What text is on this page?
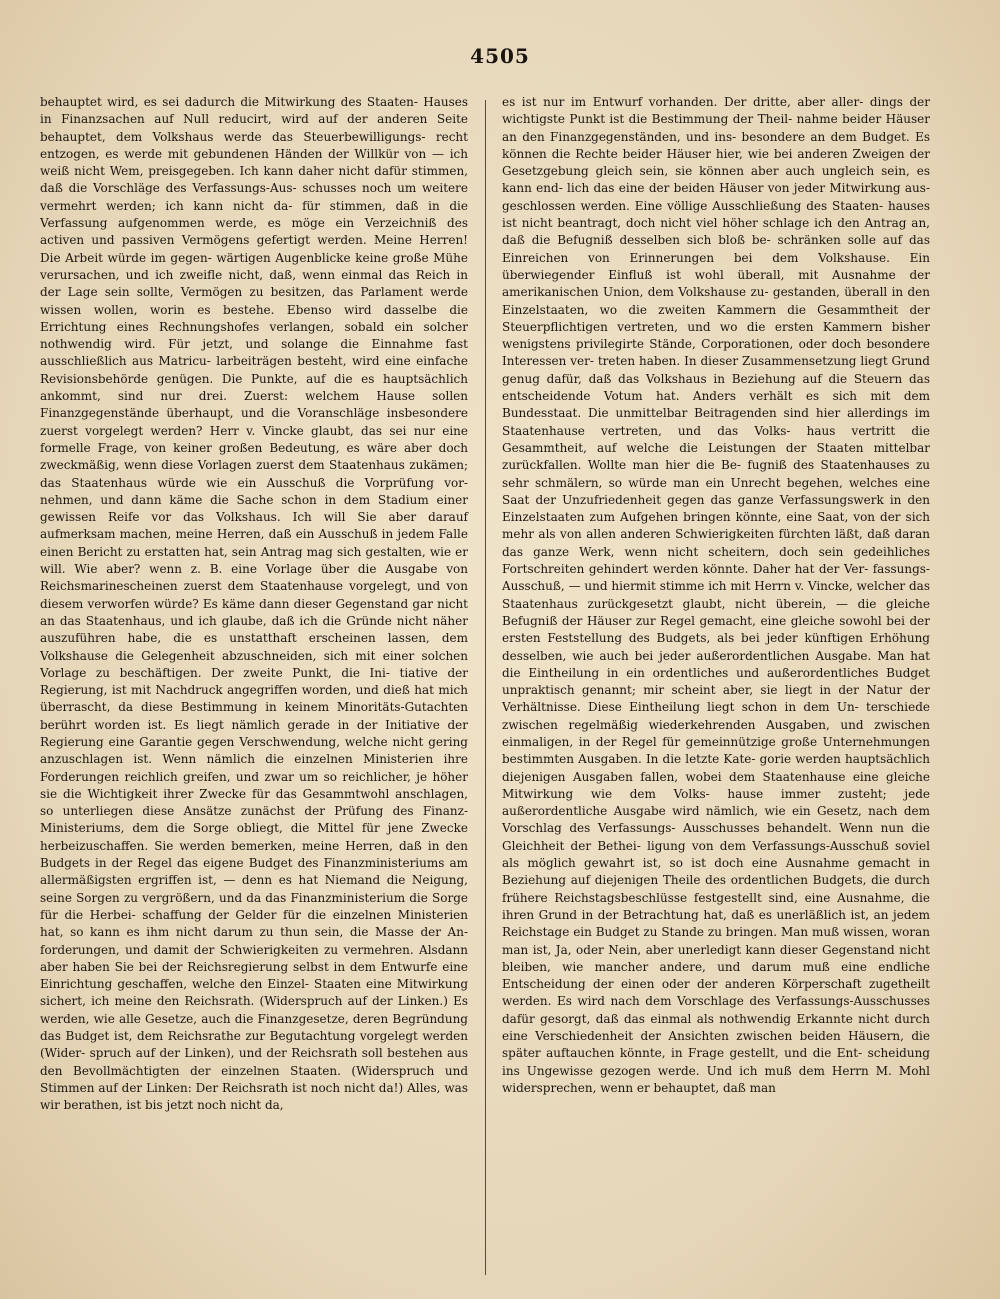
4505

behauptet wird, es sei dadurch die Mitwirkung des Staaten- Hauses in Finanzsachen auf Null reducirt, wird auf der anderen Seite behauptet, dem Volkshaus werde das Steuerbewilligungs- recht entzogen, es werde mit gebundenen Händen der Willkür von — ich weiß nicht Wem, preisgegeben. Ich kann daher nicht dafür stimmen, daß die Vorschläge des Verfassungs-Aus- schusses noch um weitere vermehrt werden; ich kann nicht da- für stimmen, daß in die Verfassung aufgenommen werde, es möge ein Verzeichniß des activen und passiven Vermögens gefertigt werden. Meine Herren! Die Arbeit würde im gegen- wärtigen Augenblicke keine große Mühe verursachen, und ich zweifle nicht, daß, wenn einmal das Reich in der Lage sein sollte, Vermögen zu besitzen, das Parlament werde wissen wollen, worin es bestehe. Ebenso wird dasselbe die Errichtung eines Rechnungshofes verlangen, sobald ein solcher nothwendig wird. Für jetzt, und solange die Einnahme fast ausschließlich aus Matricu- larbeiträgen besteht, wird eine einfache Revisionsbehörde genügen. Die Punkte, auf die es hauptsächlich ankommt, sind nur drei. Zuerst: welchem Hause sollen Finanzgegenstände überhaupt, und die Voranschläge insbesondere zuerst vorgelegt werden? Herr v. Vincke glaubt, das sei nur eine formelle Frage, von keiner großen Bedeutung, es wäre aber doch zweckmäßig, wenn diese Vorlagen zuerst dem Staatenhaus zukämen; das Staatenhaus würde wie ein Ausschuß die Vorprüfung vor- nehmen, und dann käme die Sache schon in dem Stadium einer gewissen Reife vor das Volkshaus. Ich will Sie aber darauf aufmerksam machen, meine Herren, daß ein Ausschuß in jedem Falle einen Bericht zu erstatten hat, sein Antrag mag sich gestalten, wie er will. Wie aber? wenn z. B. eine Vorlage über die Ausgabe von Reichsmarinescheinen zuerst dem Staatenhause vorgelegt, und von diesem verworfen würde? Es käme dann dieser Gegenstand gar nicht an das Staatenhaus, und ich glaube, daß ich die Gründe nicht näher auszuführen habe, die es unstatthaft erscheinen lassen, dem Volkshause die Gelegenheit abzuschneiden, sich mit einer solchen Vorlage zu beschäftigen. Der zweite Punkt, die Ini- tiative der Regierung, ist mit Nachdruck angegriffen worden, und dieß hat mich überrascht, da diese Bestimmung in keinem Minoritäts-Gutachten berührt worden ist. Es liegt nämlich gerade in der Initiative der Regierung eine Garantie gegen Verschwendung, welche nicht gering anzuschlagen ist. Wenn nämlich die einzelnen Ministerien ihre Forderungen reichlich greifen, und zwar um so reichlicher, je höher sie die Wichtigkeit ihrer Zwecke für das Gesammtwohl anschlagen, so unterliegen diese Ansätze zunächst der Prüfung des Finanz- Ministeriums, dem die Sorge obliegt, die Mittel für jene Zwecke herbeizuschaffen. Sie werden bemerken, meine Herren, daß in den Budgets in der Regel das eigene Budget des Finanzministeriums am allermäßigsten ergriffen ist, — denn es hat Niemand die Neigung, seine Sorgen zu vergrößern, und da das Finanzministerium die Sorge für die Herbei- schaffung der Gelder für die einzelnen Ministerien hat, so kann es ihm nicht darum zu thun sein, die Masse der An- forderungen, und damit der Schwierigkeiten zu vermehren. Alsdann aber haben Sie bei der Reichsregierung selbst in dem Entwurfe eine Einrichtung geschaffen, welche den Einzel- Staaten eine Mitwirkung sichert, ich meine den Reichsrath. (Widerspruch auf der Linken.) Es werden, wie alle Gesetze, auch die Finanzgesetze, deren Begründung das Budget ist, dem Reichsrathe zur Begutachtung vorgelegt werden (Wider- spruch auf der Linken), und der Reichsrath soll bestehen aus den Bevollmächtigten der einzelnen Staaten. (Widerspruch und Stimmen auf der Linken: Der Reichsrath ist noch nicht da!) Alles, was wir berathen, ist bis jetzt noch nicht da,

es ist nur im Entwurf vorhanden. Der dritte, aber aller- dings der wichtigste Punkt ist die Bestimmung der Theil- nahme beider Häuser an den Finanzgegenständen, und ins- besondere an dem Budget. Es können die Rechte beider Häuser hier, wie bei anderen Zweigen der Gesetzgebung gleich sein, sie können aber auch ungleich sein, es kann end- lich das eine der beiden Häuser von jeder Mitwirkung aus- geschlossen werden. Eine völlige Ausschließung des Staaten- hauses ist nicht beantragt, doch nicht viel höher schlage ich den Antrag an, daß die Befugniß desselben sich bloß be- schränken solle auf das Einreichen von Erinnerungen bei dem Volkshause. Ein überwiegender Einfluß ist wohl überall, mit Ausnahme der amerikanischen Union, dem Volkshause zu- gestanden, überall in den Einzelstaaten, wo die zweiten Kammern die Gesammtheit der Steuerpflichtigen vertreten, und wo die ersten Kammern bisher wenigstens privilegirte Stände, Corporationen, oder doch besondere Interessen ver- treten haben. In dieser Zusammensetzung liegt Grund genug dafür, daß das Volkshaus in Beziehung auf die Steuern das entscheidende Votum hat. Anders verhält es sich mit dem Bundesstaat. Die unmittelbar Beitragenden sind hier allerdings im Staatenhause vertreten, und das Volks- haus vertritt die Gesammtheit, auf welche die Leistungen der Staaten mittelbar zurückfallen. Wollte man hier die Be- fugniß des Staatenhauses zu sehr schmälern, so würde man ein Unrecht begehen, welches eine Saat der Unzufriedenheit gegen das ganze Verfassungswerk in den Einzelstaaten zum Aufgehen bringen könnte, eine Saat, von der sich mehr als von allen anderen Schwierigkeiten fürchten läßt, daß daran das ganze Werk, wenn nicht scheitern, doch sein gedeihliches Fortschreiten gehindert werden könnte. Daher hat der Ver- fassungs-Ausschuß, — und hiermit stimme ich mit Herrn v. Vincke, welcher das Staatenhaus zurückgesetzt glaubt, nicht überein, — die gleiche Befugniß der Häuser zur Regel gemacht, eine gleiche sowohl bei der ersten Feststellung des Budgets, als bei jeder künftigen Erhöhung desselben, wie auch bei jeder außerordentlichen Ausgabe. Man hat die Eintheilung in ein ordentliches und außerordentliches Budget unpraktisch genannt; mir scheint aber, sie liegt in der Natur der Verhältnisse. Diese Eintheilung liegt schon in dem Un- terschiede zwischen regelmäßig wiederkehrenden Ausgaben, und zwischen einmaligen, in der Regel für gemeinnützige große Unternehmungen bestimmten Ausgaben. In die letzte Kate- gorie werden hauptsächlich diejenigen Ausgaben fallen, wobei dem Staatenhause eine gleiche Mitwirkung wie dem Volks- hause immer zusteht; jede außerordentliche Ausgabe wird nämlich, wie ein Gesetz, nach dem Vorschlag des Verfassungs- Ausschusses behandelt. Wenn nun die Gleichheit der Bethei- ligung von dem Verfassungs-Ausschuß soviel als möglich gewahrt ist, so ist doch eine Ausnahme gemacht in Beziehung auf diejenigen Theile des ordentlichen Budgets, die durch frühere Reichstagsbeschlüsse festgestellt sind, eine Ausnahme, die ihren Grund in der Betrachtung hat, daß es unerläßlich ist, an jedem Reichstage ein Budget zu Stande zu bringen. Man muß wissen, woran man ist, Ja, oder Nein, aber unerledigt kann dieser Gegenstand nicht bleiben, wie mancher andere, und darum muß eine endliche Entscheidung der einen oder der anderen Körperschaft zugetheilt werden. Es wird nach dem Vorschlage des Verfassungs-Ausschusses dafür gesorgt, daß das einmal als nothwendig Erkannte nicht durch eine Verschiedenheit der Ansichten zwischen beiden Häusern, die später auftauchen könnte, in Frage gestellt, und die Ent- scheidung ins Ungewisse gezogen werde. Und ich muß dem Herrn M. Mohl widersprechen, wenn er behauptet, daß man
